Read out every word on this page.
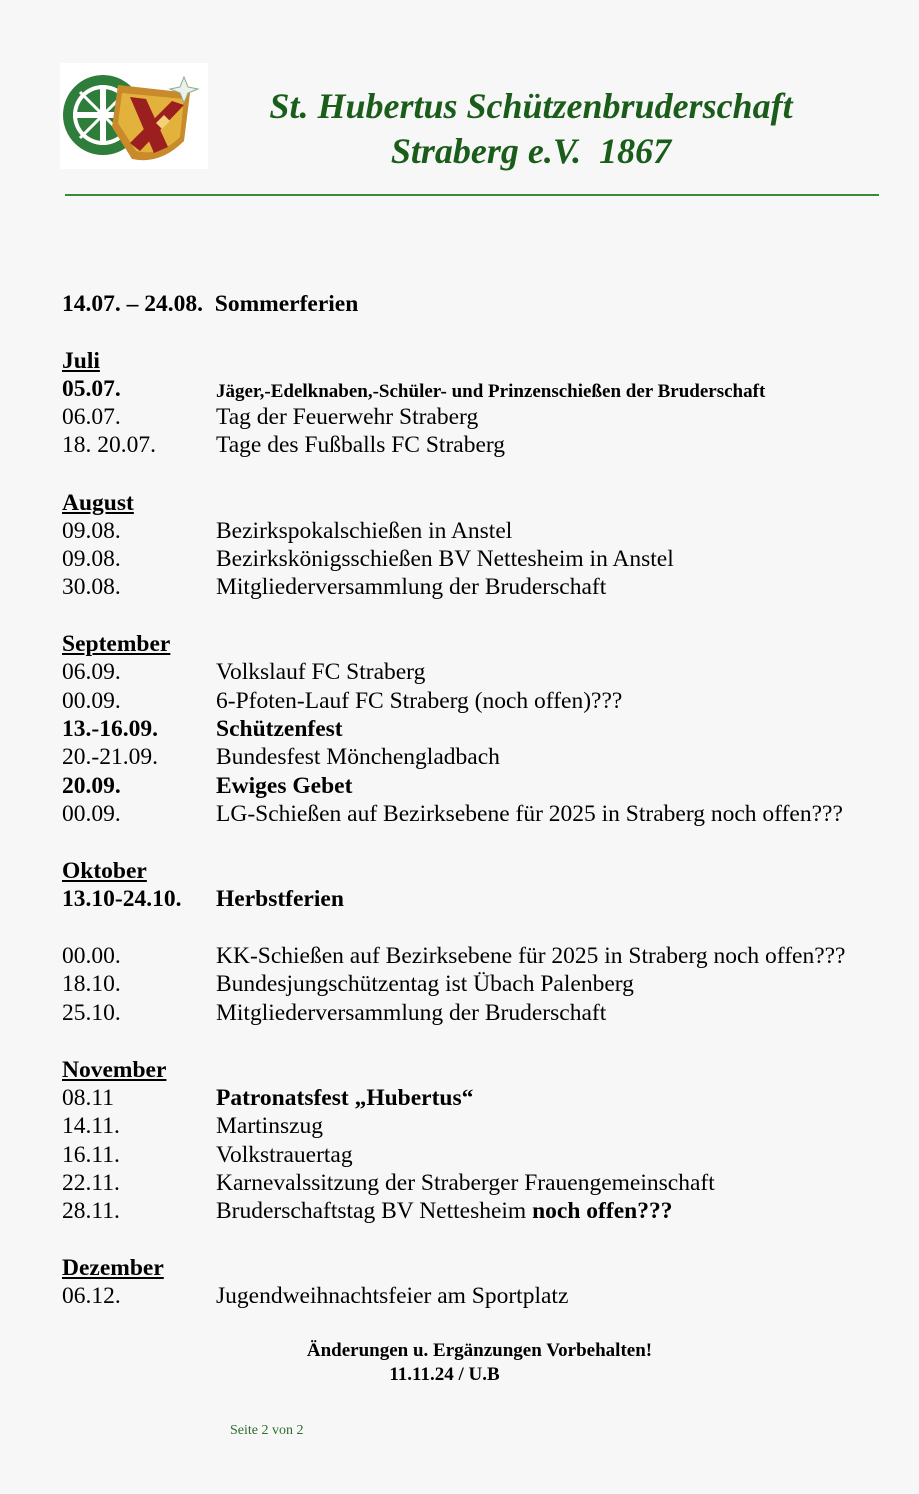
St. Hubertus Schützenbruderschaft
Straberg e.V.  1867
14.07. – 24.08. Sommerferien
Juli
05.07.	Jäger,-Edelknaben,-Schüler- und Prinzenschießen der Bruderschaft
06.07.	Tag der Feuerwehr Straberg
18. 20.07.	Tage des Fußballs FC Straberg
August
09.08.	Bezirkspokalschießen in Anstel
09.08.	Bezirkskönigsschießen BV Nettesheim in Anstel
30.08.	Mitgliederversammlung der Bruderschaft
September
06.09.	Volkslauf FC Straberg
00.09.	6-Pfoten-Lauf FC Straberg (noch offen)???
13.-16.09. Schützenfest
20.-21.09. Bundesfest Mönchengladbach
20.09.	Ewiges Gebet
00.09.	LG-Schießen auf Bezirksebene für 2025 in Straberg noch offen???
Oktober
13.10-24.10. Herbstferien
00.00.	KK-Schießen auf Bezirksebene für 2025 in Straberg noch offen???
18.10.	Bundesjungschützentag ist Übach Palenberg
25.10.	Mitgliederversammlung der Bruderschaft
November
08.11	Patronatsfest „Hubertus“
14.11.	Martinszug
16.11.	Volkstrauertag
22.11.	Karnevalssitzung der Straberger Frauengemeinschaft
28.11.	Bruderschaftstag BV Nettesheim noch offen???
Dezember
06.12.	Jugendweihnachtsfeier am Sportplatz
Änderungen u. Ergänzungen Vorbehalten!
11.11.24 / U.B
Seite 2 von 2
